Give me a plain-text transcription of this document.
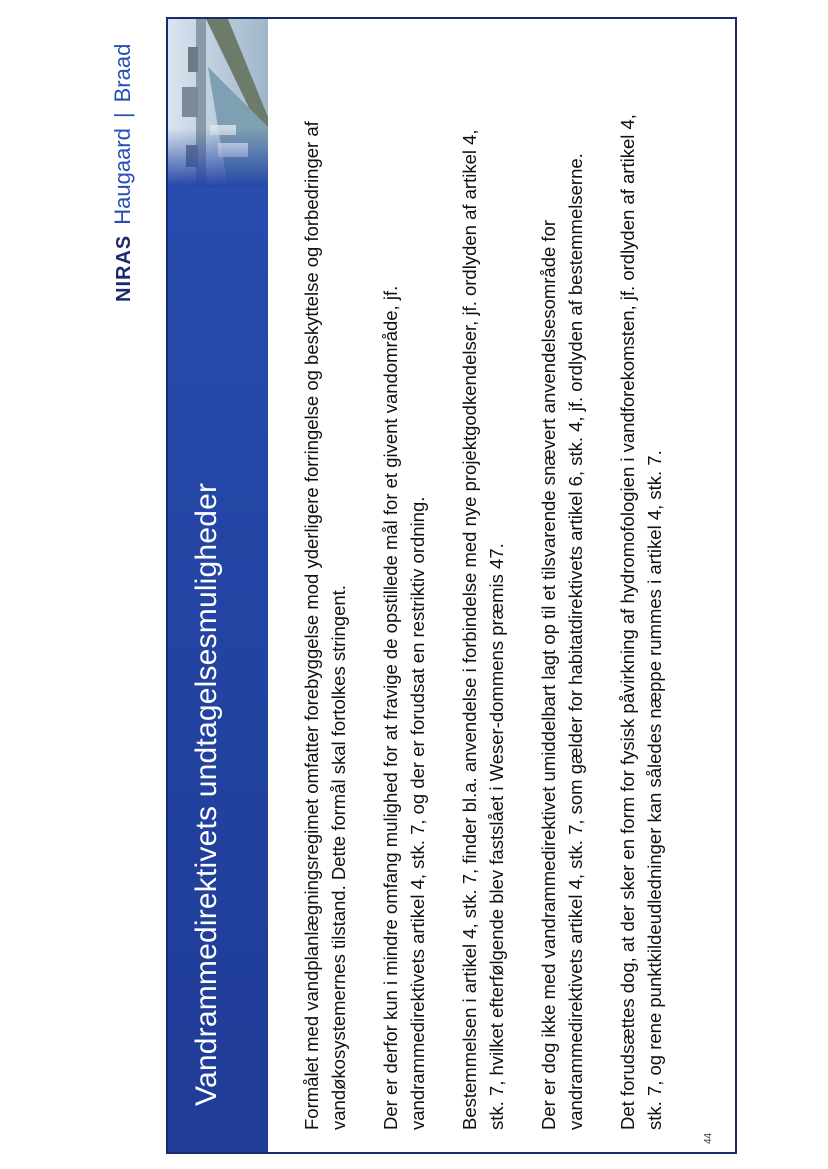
Vandrammedirektivets undtagelsesmuligheder
NIRAS
Haugaard
|
Braad

Formålet med vandplanlægningsregimet omfatter forebyggelse mod yderligere forringelse og beskyttelse og forbedringer af vandøkosystemernes tilstand. Dette formål skal fortolkes stringent. Der er derfor kun i mindre omfang mulighed for at fravige de opstillede mål for et givent vandområde, jf. vandrammedirektivets artikel 4, stk. 7, og der er forudsat en restriktiv ordning. Bestemmelsen i artikel 4, stk. 7, finder bl.a. anvendelse i forbindelse med nye projektgodkendelser, jf. ordlyden af artikel 4, stk. 7, hvilket efterfølgende blev fastslået i Weser-dommens præmis 47. Der er dog ikke med vandrammedirektivet umiddelbart lagt op til et tilsvarende snævert anvendelsesområde for vandrammedirektivets artikel 4, stk. 7, som gælder for habitatdirektivets artikel 6, stk. 4, jf. ordlyden af bestemmelserne. Det forudsættes dog, at der sker en form for fysisk påvirkning af hydromofologien i vandforekomsten, jf. ordlyden af artikel 4, stk. 7, og rene punktkildeudledninger kan således næppe rummes i artikel 4, stk. 7.

44
